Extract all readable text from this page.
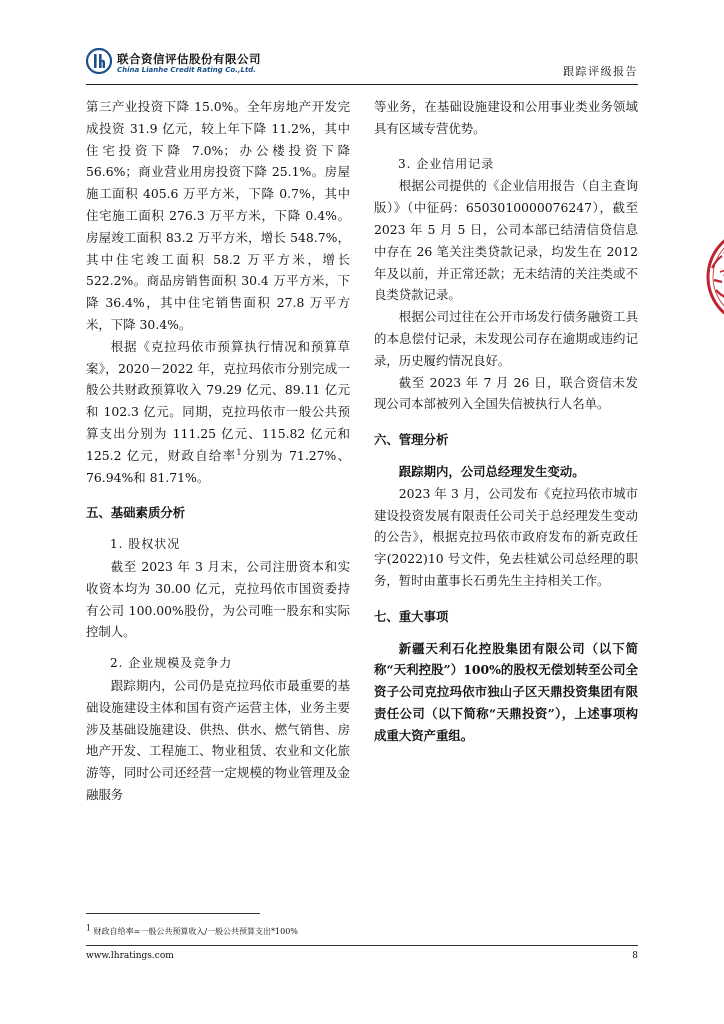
联合资信评估股份有限公司
China Lianhe Credit Rating Co.,Ltd.	跟踪评级报告

第三产业投资下降 15.0%。全年房地产开发完成投资 31.9 亿元，较上年下降 11.2%，其中住宅投资下降 7.0%；办公楼投资下降 56.6%；商业营业用房投资下降 25.1%。房屋施工面积 405.6 万平方米，下降 0.7%，其中住宅施工面积 276.3 万平方米，下降 0.4%。房屋竣工面积 83.2 万平方米，增长 548.7%，其中住宅竣工面积 58.2 万平方米，增长 522.2%。商品房销售面积 30.4 万平方米，下降 36.4%，其中住宅销售面积 27.8 万平方米，下降 30.4%。

根据《克拉玛依市预算执行情况和预算草案》，2020－2022 年，克拉玛依市分别完成一般公共财政预算收入 79.29 亿元、89.11 亿元和 102.3 亿元。同期，克拉玛依市一般公共预算支出分别为 111.25 亿元、115.82 亿元和 125.2 亿元，财政自给率$^1$分别为 71.27%、76.94%和 81.71%。

五、基础素质分析

1. 股权状况

截至 2023 年 3 月末，公司注册资本和实收资本均为 30.00 亿元，克拉玛依市国资委持有公司 100.00%股份，为公司唯一股东和实际控制人。

2. 企业规模及竞争力

跟踪期内，公司仍是克拉玛依市最重要的基础设施建设主体和国有资产运营主体，业务主要涉及基础设施建设、供热、供水、燃气销售、房地产开发、工程施工、物业租赁、农业和文化旅游等，同时公司还经营一定规模的物业管理及金融服务

等业务，在基础设施建设和公用事业类业务领域具有区域专营优势。

3. 企业信用记录

根据公司提供的《企业信用报告（自主查询版）》（中征码：6503010000076247），截至 2023 年 5 月 5 日，公司本部已结清信贷信息中存在 26 笔关注类贷款记录，均发生在 2012 年及以前，并正常还款；无未结清的关注类或不良类贷款记录。

根据公司过往在公开市场发行债务融资工具的本息偿付记录，未发现公司存在逾期或违约记录，历史履约情况良好。

截至 2023 年 7 月 26 日，联合资信未发现公司本部被列入全国失信被执行人名单。

六、管理分析

跟踪期内，公司总经理发生变动。

2023 年 3 月，公司发布《克拉玛依市城市建设投资发展有限责任公司关于总经理发生变动的公告》，根据克拉玛依市政府发布的新克政任字(2022)10 号文件，免去桂斌公司总经理的职务，暂时由董事长石勇先生主持相关工作。

七、重大事项

新疆天利石化控股集团有限公司（以下简称“天利控股”）100%的股权无偿划转至公司全资子公司克拉玛依市独山子区天鼎投资集团有限责任公司（以下简称“天鼎投资”），上述事项构成重大资产重组。

$^1$ 财政自给率=一般公共预算收入/一般公共预算支出*100%
www.lhratings.com	8
